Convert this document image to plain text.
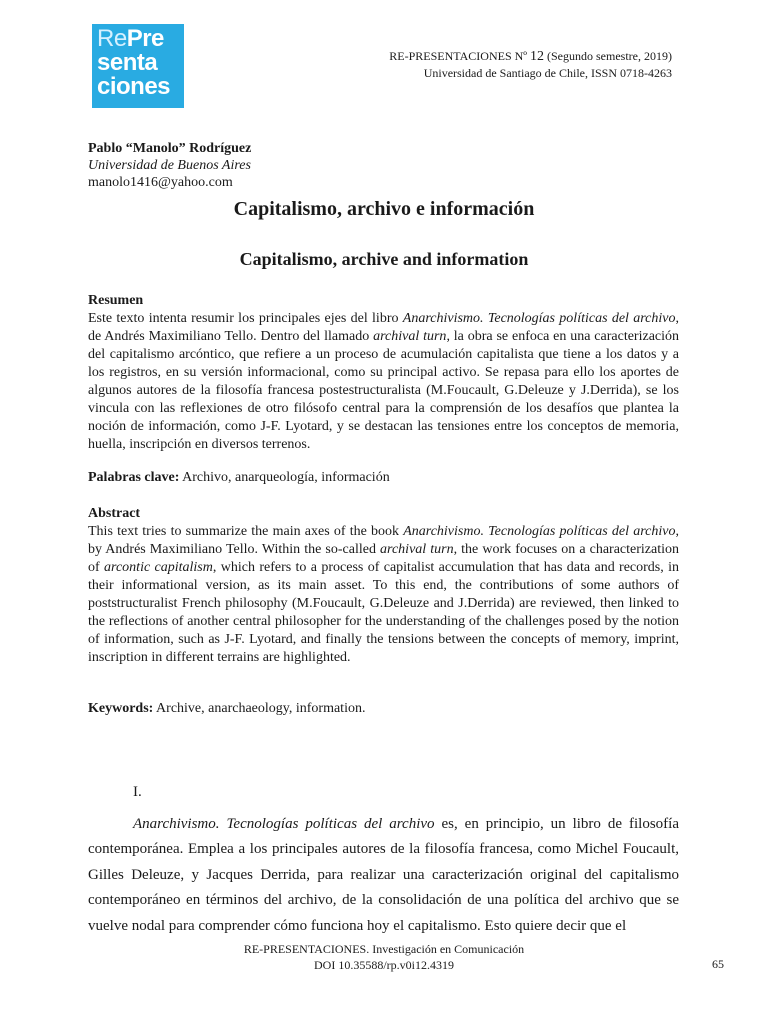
RePre
senta
ciones
RE-PRESENTACIONES Nº 12 (Segundo semestre, 2019)
Universidad de Santiago de Chile, ISSN 0718-4263
Pablo “Manolo” Rodríguez
Universidad de Buenos Aires
manolo1416@yahoo.com
Capitalismo, archivo e información
Capitalismo, archive and information
Resumen

Este texto intenta resumir los principales ejes del libro Anarchivismo. Tecnologías políticas del archivo, de Andrés Maximiliano Tello. Dentro del llamado archival turn, la obra se enfoca en una caracterización del capitalismo arcóntico, que refiere a un proceso de acumulación capitalista que tiene a los datos y a los registros, en su versión informacional, como su principal activo. Se repasa para ello los aportes de algunos autores de la filosofía francesa postestructuralista (M.Foucault, G.Deleuze y J.Derrida), se los vincula con las reflexiones de otro filósofo central para la comprensión de los desafíos que plantea la noción de información, como J-F. Lyotard, y se destacan las tensiones entre los conceptos de memoria, huella, inscripción en diversos terrenos.

Palabras clave: Archivo, anarqueología, información
Abstract

This text tries to summarize the main axes of the book Anarchivismo. Tecnologías políticas del archivo, by Andrés Maximiliano Tello. Within the so-called archival turn, the work focuses on a characterization of arcontic capitalism, which refers to a process of capitalist accumulation that has data and records, in their informational version, as its main asset. To this end, the contributions of some authors of poststructuralist French philosophy (M.Foucault, G.Deleuze and J.Derrida) are reviewed, then linked to the reflections of another central philosopher for the understanding of the challenges posed by the notion of information, such as J-F. Lyotard, and finally the tensions between the concepts of memory, imprint, inscription in different terrains are highlighted.

Keywords: Archive, anarchaeology, information.
I.

Anarchivismo. Tecnologías políticas del archivo es, en principio, un libro de filosofía contemporánea. Emplea a los principales autores de la filosofía francesa, como Michel Foucault, Gilles Deleuze, y Jacques Derrida, para realizar una caracterización original del capitalismo contemporáneo en términos del archivo, de la consolidación de una política del archivo que se vuelve nodal para comprender cómo funciona hoy el capitalismo. Esto quiere decir que el

RE-PRESENTACIONES. Investigación en Comunicación
DOI 10.35588/rp.v0i12.4319	65
